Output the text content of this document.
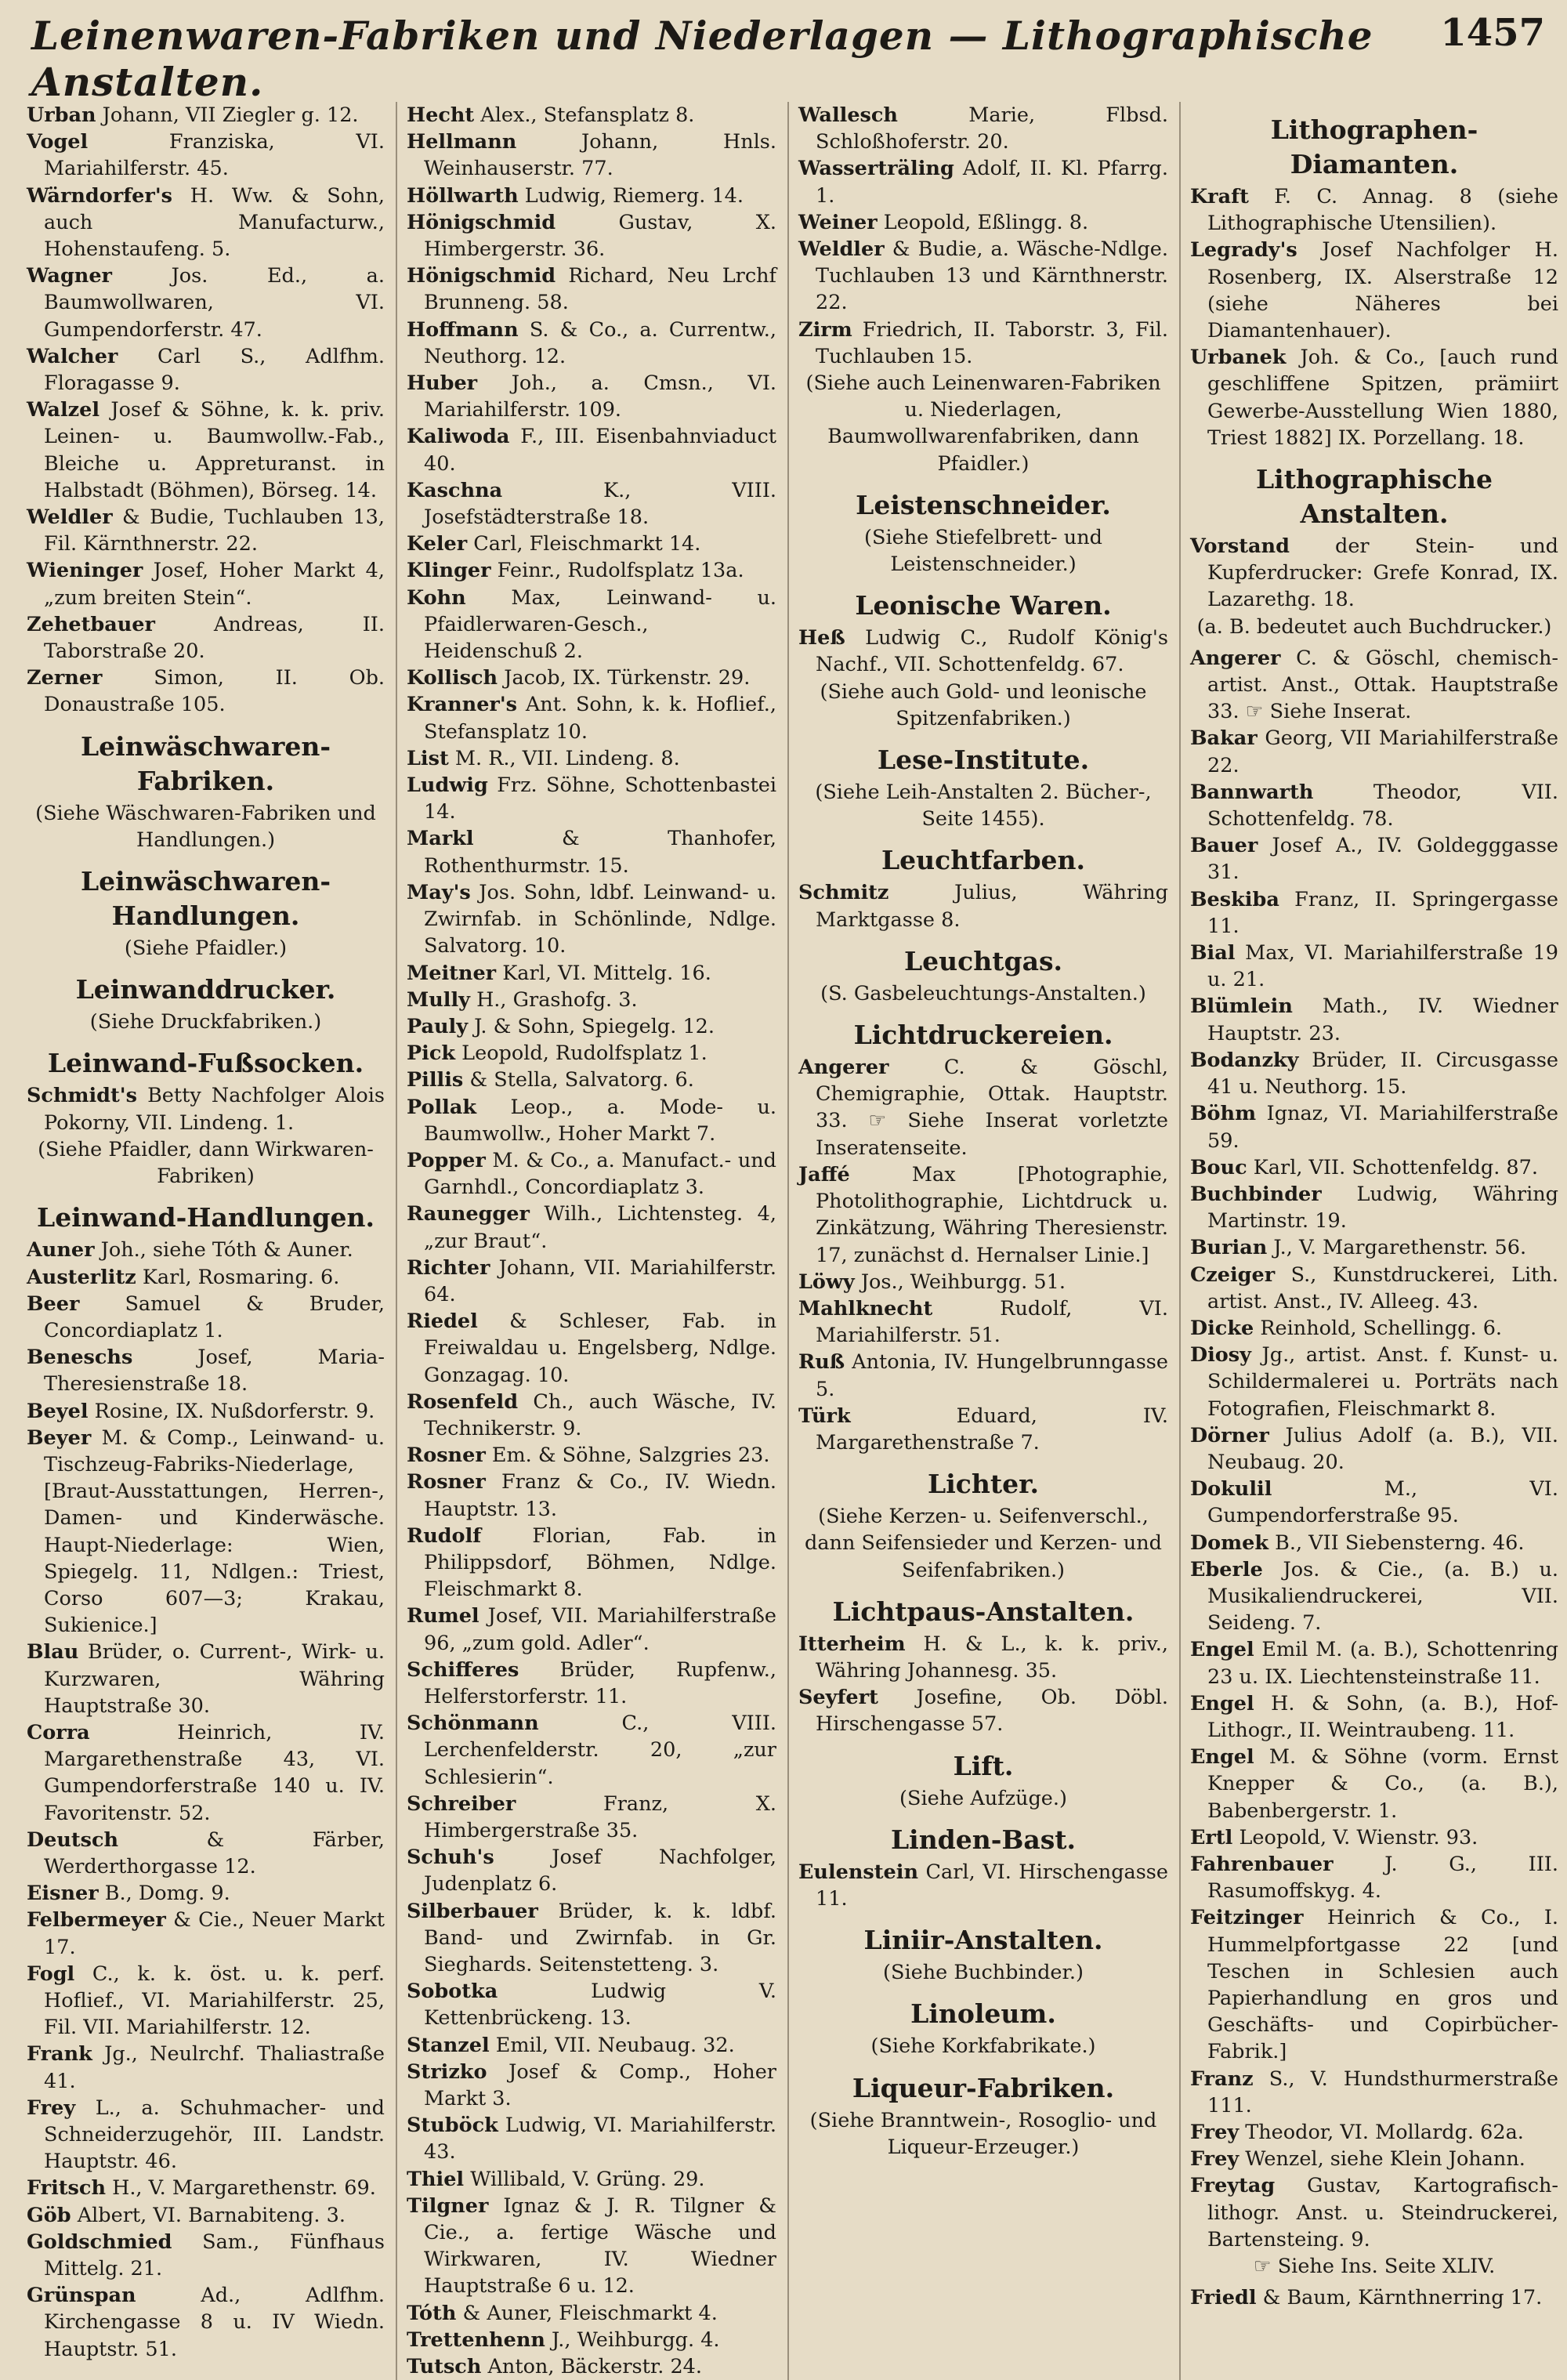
Leinenwaren-Fabriken und Niederlagen — Lithographische Anstalten.
1457

Urban Johann, VII Ziegler g. 12.

Vogel Franziska, VI. Mariahilferstr. 45.

Wärndorfer's H. Ww. & Sohn, auch Manufacturw., Hohenstaufeng. 5.

Wagner Jos. Ed., a. Baumwollwaren, VI. Gumpendorferstr. 47.

Walcher Carl S., Adlfhm. Floragasse 9.

Walzel Josef & Söhne, k. k. priv. Leinen- u. Baumwollw.-Fab., Bleiche u. Appreturanst. in Halbstadt (Böhmen), Börseg. 14.

Weldler & Budie, Tuchlauben 13, Fil. Kärnthnerstr. 22.

Wieninger Josef, Hoher Markt 4, „zum breiten Stein“.

Zehetbauer Andreas, II. Taborstraße 20.

Zerner Simon, II. Ob. Donaustraße 105.

Leinwäschwaren-Fabriken.

(Siehe Wäschwaren-Fabriken und Handlungen.)

Leinwäschwaren-Handlungen.

(Siehe Pfaidler.)

Leinwanddrucker.

(Siehe Druckfabriken.)

Leinwand-Fußsocken.

Schmidt's Betty Nachfolger Alois Pokorny, VII. Lindeng. 1.

(Siehe Pfaidler, dann Wirkwaren-Fabriken)

Leinwand-Handlungen.

Auner Joh., siehe Tóth & Auner.

Austerlitz Karl, Rosmaring. 6.

Beer Samuel & Bruder, Concordiaplatz 1.

Beneschs Josef, Maria-Theresienstraße 18.

Beyel Rosine, IX. Nußdorferstr. 9.

Beyer M. & Comp., Leinwand- u. Tischzeug-Fabriks-Niederlage, [Braut-Ausstattungen, Herren-, Damen- und Kinderwäsche. Haupt-Niederlage: Wien, Spiegelg. 11, Ndlgen.: Triest, Corso 607—3; Krakau, Sukienice.]

Blau Brüder, o. Current-, Wirk- u. Kurzwaren, Währing Hauptstraße 30.

Corra Heinrich, IV. Margarethenstraße 43, VI. Gumpendorferstraße 140 u. IV. Favoritenstr. 52.

Deutsch & Färber, Werderthorgasse 12.

Eisner B., Domg. 9.

Felbermeyer & Cie., Neuer Markt 17.

Fogl C., k. k. öst. u. k. perf. Hoflief., VI. Mariahilferstr. 25, Fil. VII. Mariahilferstr. 12.

Frank Jg., Neulrchf. Thaliastraße 41.

Frey L., a. Schuhmacher- und Schneiderzugehör, III. Landstr. Hauptstr. 46.

Fritsch H., V. Margarethenstr. 69.

Göb Albert, VI. Barnabiteng. 3.

Goldschmied Sam., Fünfhaus Mittelg. 21.

Grünspan Ad., Adlfhm. Kirchengasse 8 u. IV Wiedn. Hauptstr. 51.

Hecht Alex., Stefansplatz 8.

Hellmann Johann, Hnls. Weinhauserstr. 77.

Höllwarth Ludwig, Riemerg. 14.

Hönigschmid Gustav, X. Himbergerstr. 36.

Hönigschmid Richard, Neu Lrchf Brunneng. 58.

Hoffmann S. & Co., a. Currentw., Neuthorg. 12.

Huber Joh., a. Cmsn., VI. Mariahilferstr. 109.

Kaliwoda F., III. Eisenbahnviaduct 40.

Kaschna K., VIII. Josefstädterstraße 18.

Keler Carl, Fleischmarkt 14.

Klinger Feinr., Rudolfsplatz 13a.

Kohn Max, Leinwand- u. Pfaidlerwaren-Gesch., Heidenschuß 2.

Kollisch Jacob, IX. Türkenstr. 29.

Kranner's Ant. Sohn, k. k. Hoflief., Stefansplatz 10.

List M. R., VII. Lindeng. 8.

Ludwig Frz. Söhne, Schottenbastei 14.

Markl & Thanhofer, Rothenthurmstr. 15.

May's Jos. Sohn, ldbf. Leinwand- u. Zwirnfab. in Schönlinde, Ndlge. Salvatorg. 10.

Meitner Karl, VI. Mittelg. 16.

Mully H., Grashofg. 3.

Pauly J. & Sohn, Spiegelg. 12.

Pick Leopold, Rudolfsplatz 1.

Pillis & Stella, Salvatorg. 6.

Pollak Leop., a. Mode- u. Baumwollw., Hoher Markt 7.

Popper M. & Co., a. Manufact.- und Garnhdl., Concordiaplatz 3.

Raunegger Wilh., Lichtensteg. 4, „zur Braut“.

Richter Johann, VII. Mariahilferstr. 64.

Riedel & Schleser, Fab. in Freiwaldau u. Engelsberg, Ndlge. Gonzagag. 10.

Rosenfeld Ch., auch Wäsche, IV. Technikerstr. 9.

Rosner Em. & Söhne, Salzgries 23.

Rosner Franz & Co., IV. Wiedn. Hauptstr. 13.

Rudolf Florian, Fab. in Philippsdorf, Böhmen, Ndlge. Fleischmarkt 8.

Rumel Josef, VII. Mariahilferstraße 96, „zum gold. Adler“.

Schifferes Brüder, Rupfenw., Helferstorferstr. 11.

Schönmann C., VIII. Lerchenfelderstr. 20, „zur Schlesierin“.

Schreiber Franz, X. Himbergerstraße 35.

Schuh's Josef Nachfolger, Judenplatz 6.

Silberbauer Brüder, k. k. ldbf. Band- und Zwirnfab. in Gr. Sieghards. Seitenstetteng. 3.

Sobotka Ludwig V. Kettenbrückeng. 13.

Stanzel Emil, VII. Neubaug. 32.

Strizko Josef & Comp., Hoher Markt 3.

Stuböck Ludwig, VI. Mariahilferstr. 43.

Thiel Willibald, V. Grüng. 29.

Tilgner Ignaz & J. R. Tilgner & Cie., a. fertige Wäsche und Wirkwaren, IV. Wiedner Hauptstraße 6 u. 12.

Tóth & Auner, Fleischmarkt 4.

Trettenhenn J., Weihburgg. 4.

Tutsch Anton, Bäckerstr. 24.

Wallesch Marie, Flbsd. Schloßhoferstr. 20.

Wasserträling Adolf, II. Kl. Pfarrg. 1.

Weiner Leopold, Eßlingg. 8.

Weldler & Budie, a. Wäsche-Ndlge. Tuchlauben 13 und Kärnthnerstr. 22.

Zirm Friedrich, II. Taborstr. 3, Fil. Tuchlauben 15.

(Siehe auch Leinenwaren-Fabriken u. Niederlagen, Baumwollwarenfabriken, dann Pfaidler.)

Leistenschneider.

(Siehe Stiefelbrett- und Leistenschneider.)

Leonische Waren.

Heß Ludwig C., Rudolf König's Nachf., VII. Schottenfeldg. 67.

(Siehe auch Gold- und leonische Spitzenfabriken.)

Lese-Institute.

(Siehe Leih-Anstalten 2. Bücher-, Seite 1455).

Leuchtfarben.

Schmitz Julius, Währing Marktgasse 8.

Leuchtgas.

(S. Gasbeleuchtungs-Anstalten.)

Lichtdruckereien.

Angerer C. & Göschl, Chemigraphie, Ottak. Hauptstr. 33. ☞ Siehe Inserat vorletzte Inseratenseite.

Jaffé Max [Photographie, Photolithographie, Lichtdruck u. Zinkätzung, Währing Theresienstr. 17, zunächst d. Hernalser Linie.]

Löwy Jos., Weihburgg. 51.

Mahlknecht Rudolf, VI. Mariahilferstr. 51.

Ruß Antonia, IV. Hungelbrunngasse 5.

Türk Eduard, IV. Margarethenstraße 7.

Lichter.

(Siehe Kerzen- u. Seifenverschl., dann Seifensieder und Kerzen- und Seifenfabriken.)

Lichtpaus-Anstalten.

Itterheim H. & L., k. k. priv., Währing Johannesg. 35.

Seyfert Josefine, Ob. Döbl. Hirschengasse 57.

Lift.

(Siehe Aufzüge.)

Linden-Bast.

Eulenstein Carl, VI. Hirschengasse 11.

Liniir-Anstalten.

(Siehe Buchbinder.)

Linoleum.

(Siehe Korkfabrikate.)

Liqueur-Fabriken.

(Siehe Branntwein-, Rosoglio- und Liqueur-Erzeuger.)

Lithographen-Diamanten.

Kraft F. C. Annag. 8 (siehe Lithographische Utensilien).

Legrady's Josef Nachfolger H. Rosenberg, IX. Alserstraße 12 (siehe Näheres bei Diamantenhauer).

Urbanek Joh. & Co., [auch rund geschliffene Spitzen, prämiirt Gewerbe-Ausstellung Wien 1880, Triest 1882] IX. Porzellang. 18.

Lithographische Anstalten.

Vorstand der Stein- und Kupferdrucker: Grefe Konrad, IX. Lazarethg. 18.

(a. B. bedeutet auch Buchdrucker.)

Angerer C. & Göschl, chemisch-artist. Anst., Ottak. Hauptstraße 33. ☞ Siehe Inserat.

Bakar Georg, VII Mariahilferstraße 22.

Bannwarth Theodor, VII. Schottenfeldg. 78.

Bauer Josef A., IV. Goldegggasse 31.

Beskiba Franz, II. Springergasse 11.

Bial Max, VI. Mariahilferstraße 19 u. 21.

Blümlein Math., IV. Wiedner Hauptstr. 23.

Bodanzky Brüder, II. Circusgasse 41 u. Neuthorg. 15.

Böhm Ignaz, VI. Mariahilferstraße 59.

Bouc Karl, VII. Schottenfeldg. 87.

Buchbinder Ludwig, Währing Martinstr. 19.

Burian J., V. Margarethenstr. 56.

Czeiger S., Kunstdruckerei, Lith. artist. Anst., IV. Alleeg. 43.

Dicke Reinhold, Schellingg. 6.

Diosy Jg., artist. Anst. f. Kunst- u. Schildermalerei u. Porträts nach Fotografien, Fleischmarkt 8.

Dörner Julius Adolf (a. B.), VII. Neubaug. 20.

Dokulil M., VI. Gumpendorferstraße 95.

Domek B., VII Siebensterng. 46.

Eberle Jos. & Cie., (a. B.) u. Musikaliendruckerei, VII. Seideng. 7.

Engel Emil M. (a. B.), Schottenring 23 u. IX. Liechtensteinstraße 11.

Engel H. & Sohn, (a. B.), Hof-Lithogr., II. Weintraubeng. 11.

Engel M. & Söhne (vorm. Ernst Knepper & Co., (a. B.), Babenbergerstr. 1.

Ertl Leopold, V. Wienstr. 93.

Fahrenbauer J. G., III. Rasumoffskyg. 4.

Feitzinger Heinrich & Co., I. Hummelpfortgasse 22 [und Teschen in Schlesien auch Papierhandlung en gros und Geschäfts- und Copirbücher-Fabrik.]

Franz S., V. Hundsthurmerstraße 111.

Frey Theodor, VI. Mollardg. 62a.

Frey Wenzel, siehe Klein Johann.

Freytag Gustav, Kartografisch-lithogr. Anst. u. Steindruckerei, Bartensteing. 9.

☞ Siehe Ins. Seite XLIV.

Friedl & Baum, Kärnthnerring 17.
